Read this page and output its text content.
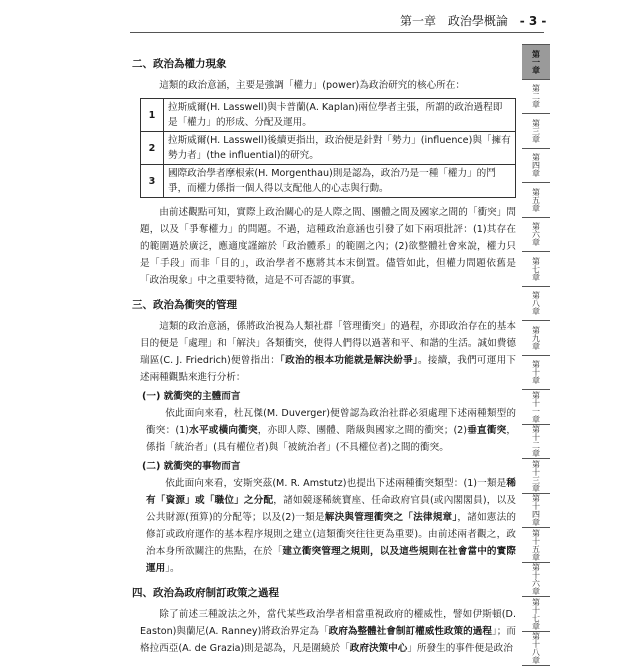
第一章 政治學概論 - 3 -
二、政治為權力現象
這類的政治意涵，主要是強調「權力」(power)為政治研究的核心所在：
1	拉斯威爾(H. Lasswell)與卡普蘭(A. Kaplan)兩位學者主張，所謂的政治過程即是「權力」的形成、分配及運用。
2	拉斯威爾(H. Lasswell)後續更指出，政治便是針對「勢力」(influence)與「擁有勢力者」(the influential)的研究。
3	國際政治學者摩根索(H. Morgenthau)則是認為，政治乃是一種「權力」的鬥爭，而權力係指一個人得以支配他人的心志與行動。
由前述觀點可知，實際上政治關心的是人際之間、團體之間及國家之間的「衝突」問題，以及「爭奪權力」的問題。不過，這種政治意涵也引發了如下兩項批評：(1)其存在的範圍過於廣泛，應適度謹縮於「政治體系」的範圍之內；(2)欲整體社會來說，權力只是「手段」而非「目的」，政治學者不應將其本末倒置。儘管如此，但權力問題依舊是「政治現象」中之重要特徵，這是不可否認的事實。
三、政治為衝突的管理
這類的政治意涵，係將政治視為人類社群「管理衝突」的過程，亦即政治存在的基本目的便是「處理」和「解決」各類衝突，使得人們得以過著和平、和諧的生活。誠如費德瑞區(C. J. Friedrich)便曾指出：「政治的根本功能就是解決紛爭」。接續，我們可運用下述兩種觀點來進行分析：
(一) 就衝突的主體而言
依此面向來看，杜瓦傑(M. Duverger)便曾認為政治社群必須處理下述兩種類型的衝突：(1)水平或橫向衝突，亦即人際、團體、階級與國家之間的衝突；(2)垂直衝突，係指「統治者」(具有權位者)與「被統治者」(不具權位者)之間的衝突。
(二) 就衝突的事物而言
依此面向來看，安斯突茲(M. R. Amstutz)也提出下述兩種衝突類型：(1)一類是稀有「資源」或「職位」之分配，諸如競逐稀統寶座、任命政府官員(或內閣閣員)，以及公共財源(預算)的分配等；以及(2)一類是解決與管理衝突之「法律規章」，諸如憲法的修訂或政府運作的基本程序規則之建立(這類衝突往往更為重要)。由前述兩者觀之，政治本身所欲關注的焦點，在於「建立衝突管理之規則，以及這些規則在社會當中的實際運用」。
四、政治為政府制訂政策之過程
除了前述三種說法之外，當代某些政治學者相當重視政府的權威性，譬如伊斯頓(D. Easton)與蘭尼(A. Ranney)將政治界定為「政府為整體社會制訂權威性政策的過程」；而格拉西亞(A. de Grazia)則是認為，凡是圍繞於「政府決策中心」所發生的事件便是政治
第一章
第二章
第三章
第四章
第五章
第六章
第七章
第八章
第九章
第十章
第十一章
第十二章
第十三章
第十四章
第十五章
第十六章
第十七章
第十八章
